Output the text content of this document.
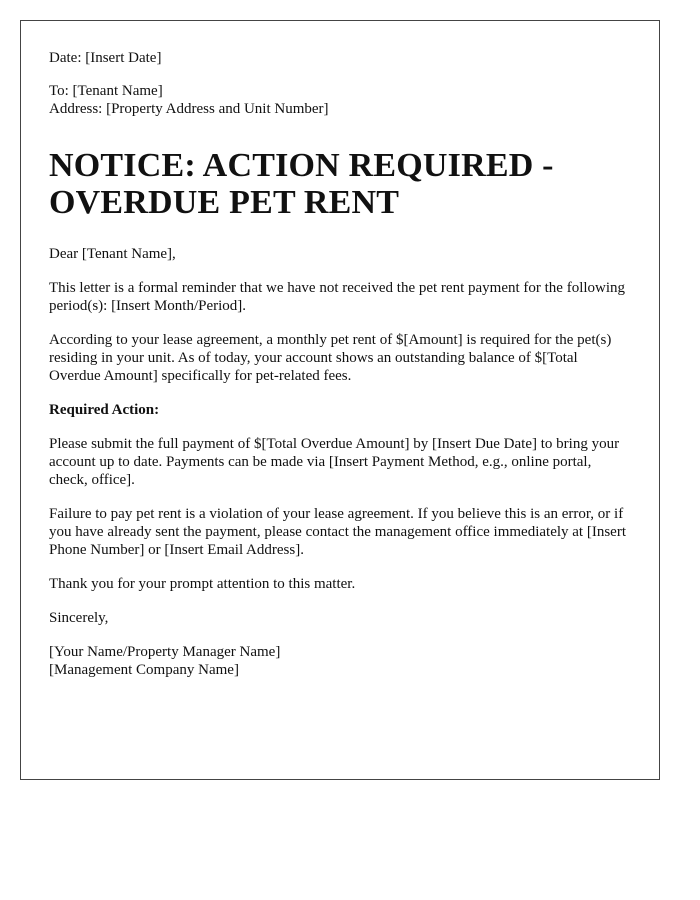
Date: [Insert Date]

To: [Tenant Name]

Address: [Property Address and Unit Number]

NOTICE: ACTION REQUIRED -
OVERDUE PET RENT

Dear [Tenant Name],

This letter is a formal reminder that we have not received the pet rent payment for the following period(s): [Insert Month/Period].

According to your lease agreement, a monthly pet rent of $[Amount] is required for the pet(s) residing in your unit. As of today, your account shows an outstanding balance of $[Total Overdue Amount] specifically for pet-related fees.

Required Action:

Please submit the full payment of $[Total Overdue Amount] by [Insert Due Date] to bring your account up to date. Payments can be made via [Insert Payment Method, e.g., online portal, check, office].

Failure to pay pet rent is a violation of your lease agreement. If you believe this is an error, or if you have already sent the payment, please contact the management office immediately at [Insert Phone Number] or [Insert Email Address].

Thank you for your prompt attention to this matter.

Sincerely,

[Your Name/Property Manager Name]

[Management Company Name]
